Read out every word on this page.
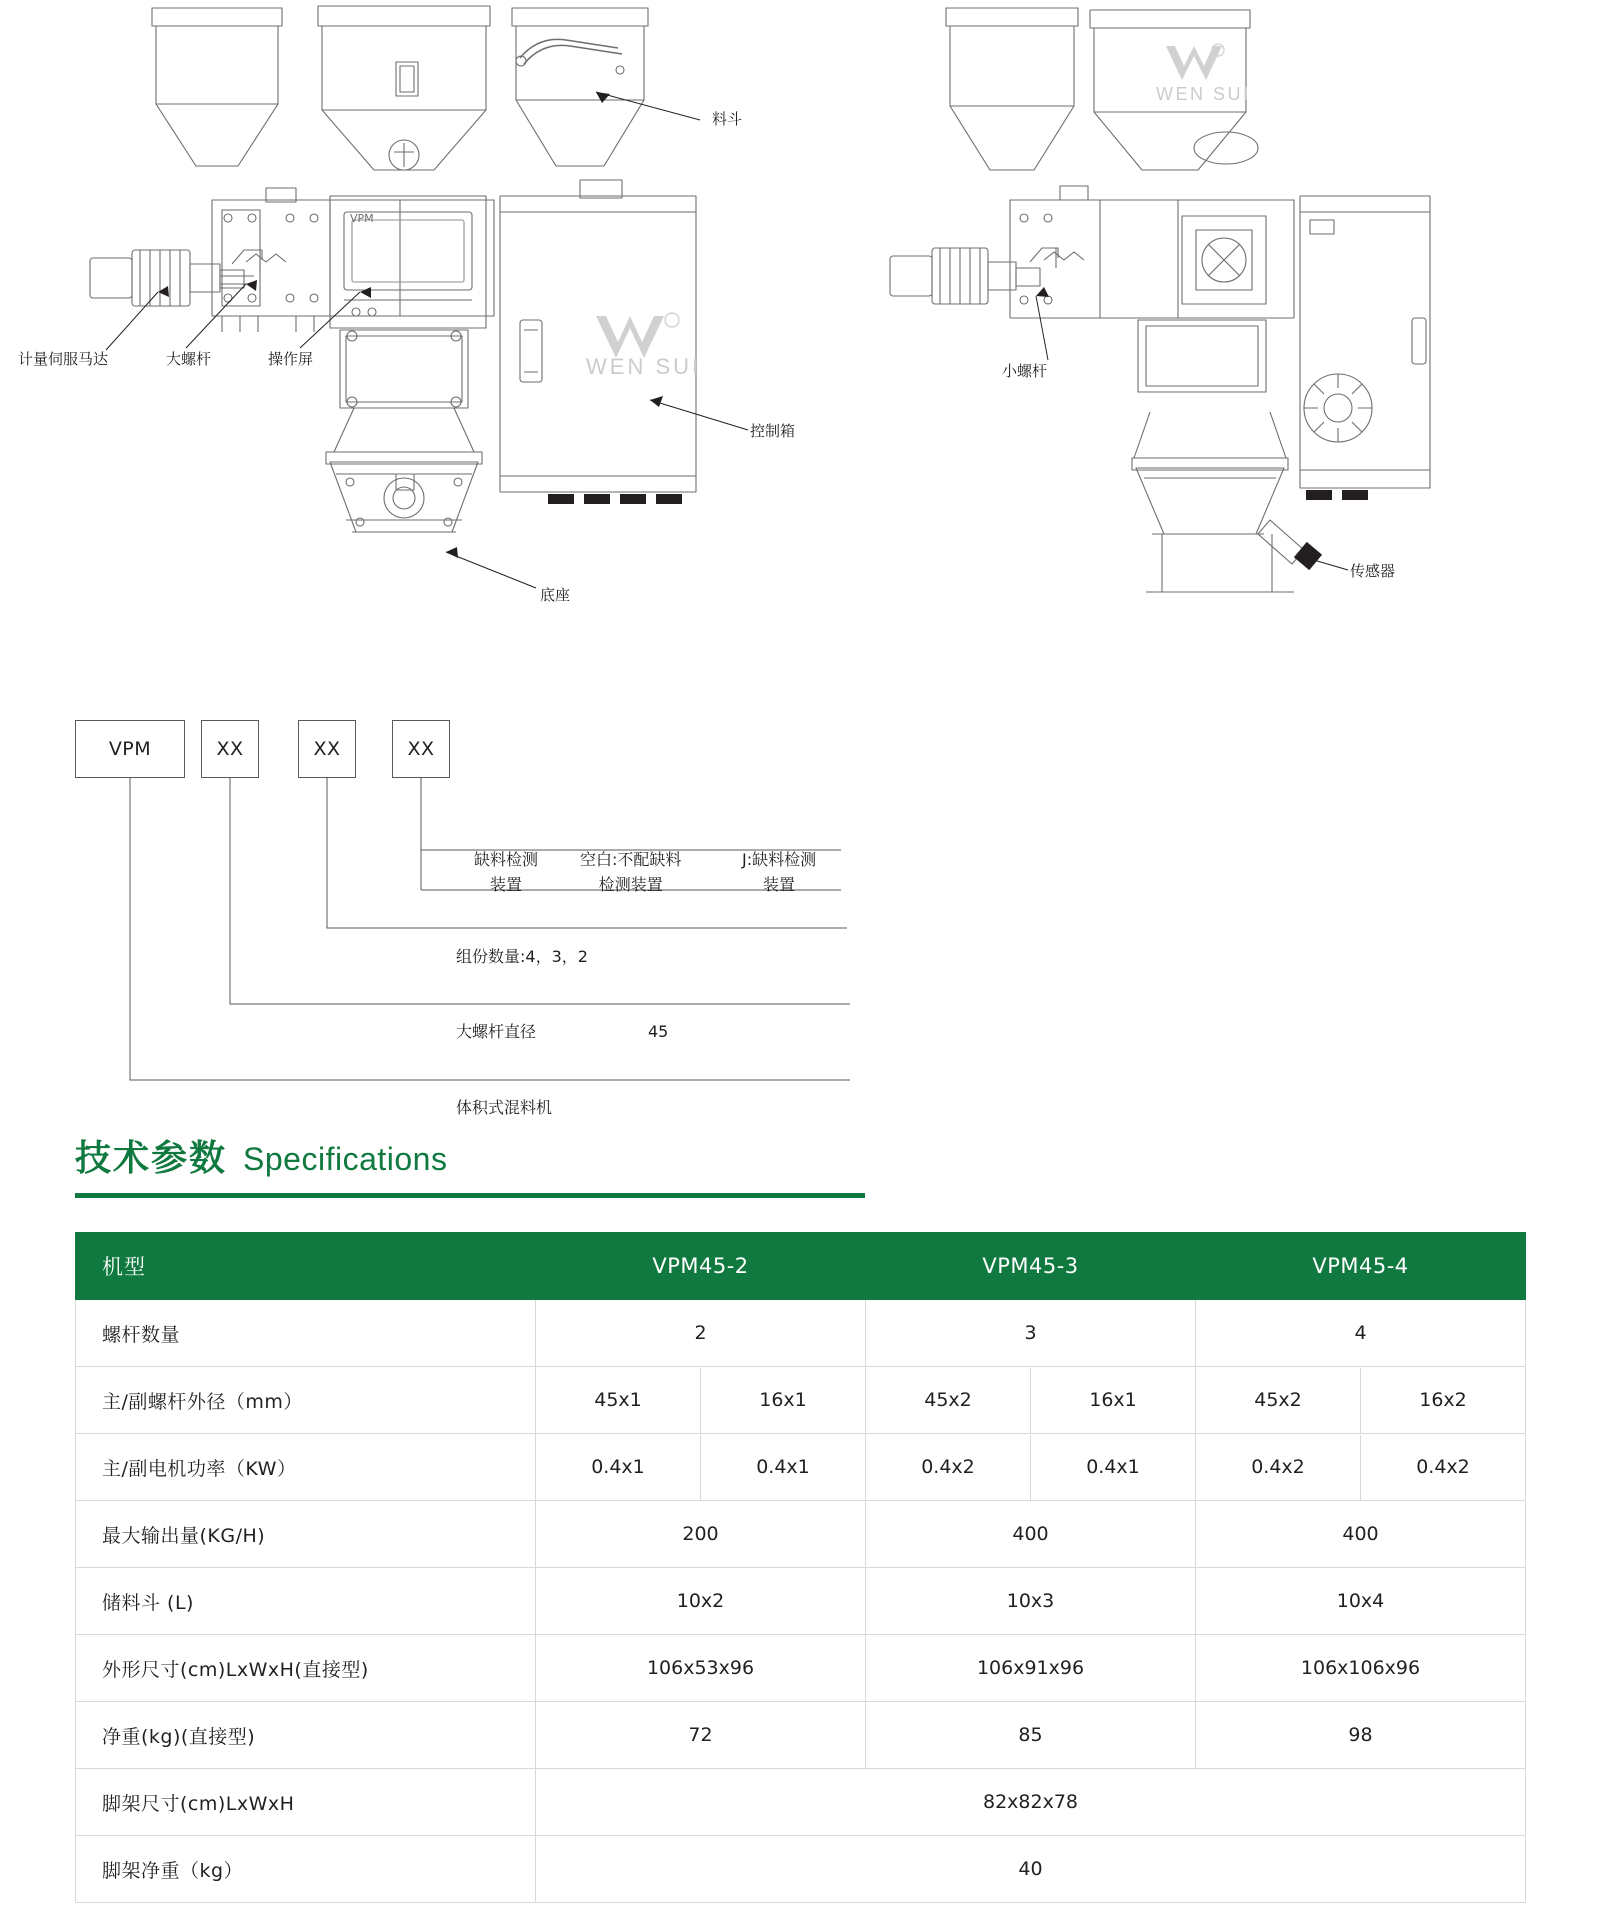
WEN SUI
WEN SUI
料斗
计量伺服马达	大螺杆	操作屏
控制箱
底座
小螺杆
传感器
VPM
VPM	XX	XX	XX
缺料检测
装置
空白:不配缺料
检测装置
J:缺料检测
装置
组份数量:4，3，2
大螺杆直径	45
体积式混料机
技术参数 Specifications
机型	VPM45-2	VPM45-3	VPM45-4
螺杆数量	2	3	4
主/副螺杆外径（mm）	45x1	16x1	45x2	16x1	45x2	16x2

主/副电机功率（KW）	0.4x1	0.4x1	0.4x2	0.4x1	0.4x2	0.4x2

最大输出量(KG/H)	200	400	400
储料斗 (L)	10x2	10x3	10x4
外形尺寸(cm)LxWxH(直接型)	106x53x96	106x91x96	106x106x96
净重(kg)(直接型)	72	85	98
脚架尺寸(cm)LxWxH	82x82x78		
脚架净重（kg）	40		
